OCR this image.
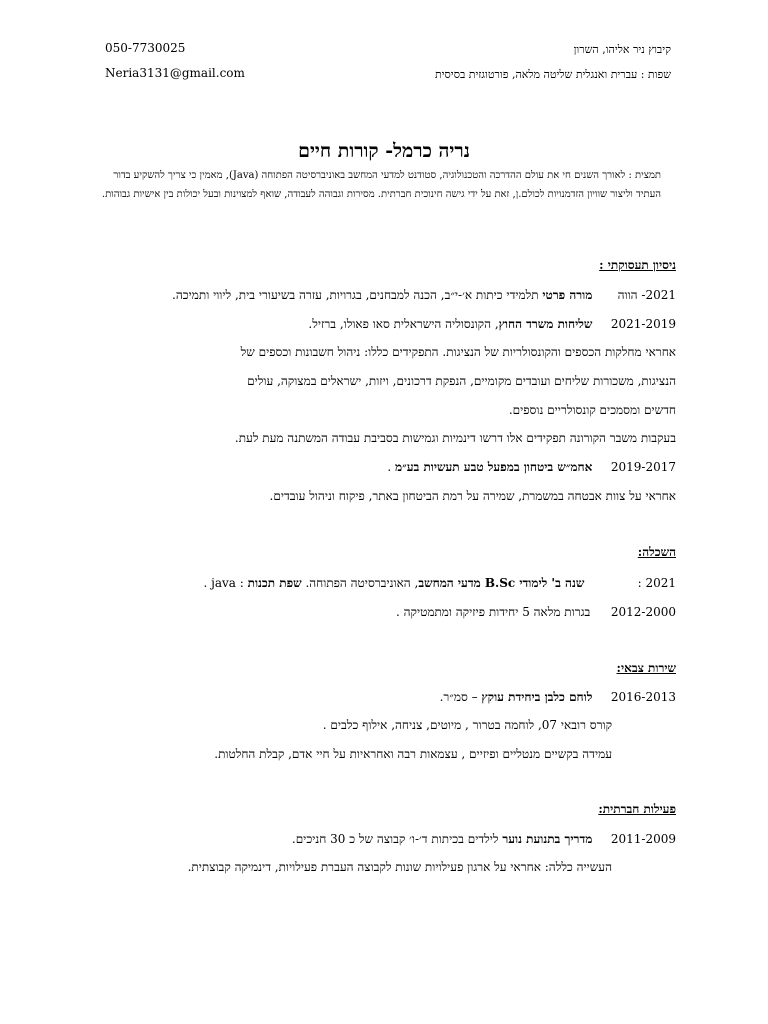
050-7730025
Neria3131@gmail.com
קיבוץ ניר אליהו, השרון
שפות : עברית ואנגלית שליטה מלאה, פורטוגזית בסיסית
נריה כרמל- קורות חיים
תמצית : לאורך השנים חי את עולם ההדרכה והטכנולוגיה, סטודנט למדעי המחשב באוניברסיטה הפתוחה (Java), מאמין כי צריך להשקיע בדור העתיד וליצור שוויון הזדמנויות לכולם.ן, זאת על ידי גישה חינוכית חברתית. מסירות וגבוהה לעבודה, שואף למצוינות ובעל יכולות בין אישיות גבוהות.
ניסיון תעסוקתי :
2021- הווה  מורה פרטי תלמידי כיתות א׳-י״ב, הכנה למבחנים, בגרויות, עזרה בשיעורי בית, ליווי ותמיכה.
2021-2019  שליחות משרד החוץ, הקונסוליה הישראלית סאו פאולו, ברזיל.
אחראי מחלקות הכספים והקונסולריות של הנציגות. התפקידים כללו: ניהול חשבונות וכספים של
הנציגות, משכורות שליחים ועובדים מקומיים, הנפקת דרכונים, ויזות, ישראלים במצוקה, עולים
חדשים ומסמכים קונסולריים נוספים.
בעקבות משבר הקורונה תפקידים אלו דרשו דינמיות וגמישות בסביבת עבודה המשתנה מעת לעת.
2019-2017  אחמ״ש ביטחון במפעל טבע תעשיות בע״מ .
אחראי על צוות אבטחה במשמרת, שמירה על רמת הביטחון באתר, פיקוח וניהול עובדים.
השכלה:
2021 :  שנה ב' לימודי B.Sc מדעי המחשב, האוניברסיטה הפתוחה. שפת תכנות : java .
2012-2000  בגרות מלאה 5 יחידות פיזיקה ומתמטיקה .
שירות צבאי:
2016-2013  לוחם כלבן ביחידת עוקץ – סמ״ר.
קורס רובאי 07, לוחמה בטרור , מיוטים, צניחה, אילוף כלבים .
עמידה בקשיים מנטליים ופיזיים , עצמאות רבה ואחראיות על חיי אדם, קבלת החלטות.
פעילות חברתית:
2011-2009  מדריך בתנועת נוער לילדים בכיתות ד׳-ו׳ קבוצה של כ 30 חניכים.
העשייה כללה: אחראי על ארגון פעילויות שונות לקבוצה העברת פעילויות, דינמיקה קבוצתית.
